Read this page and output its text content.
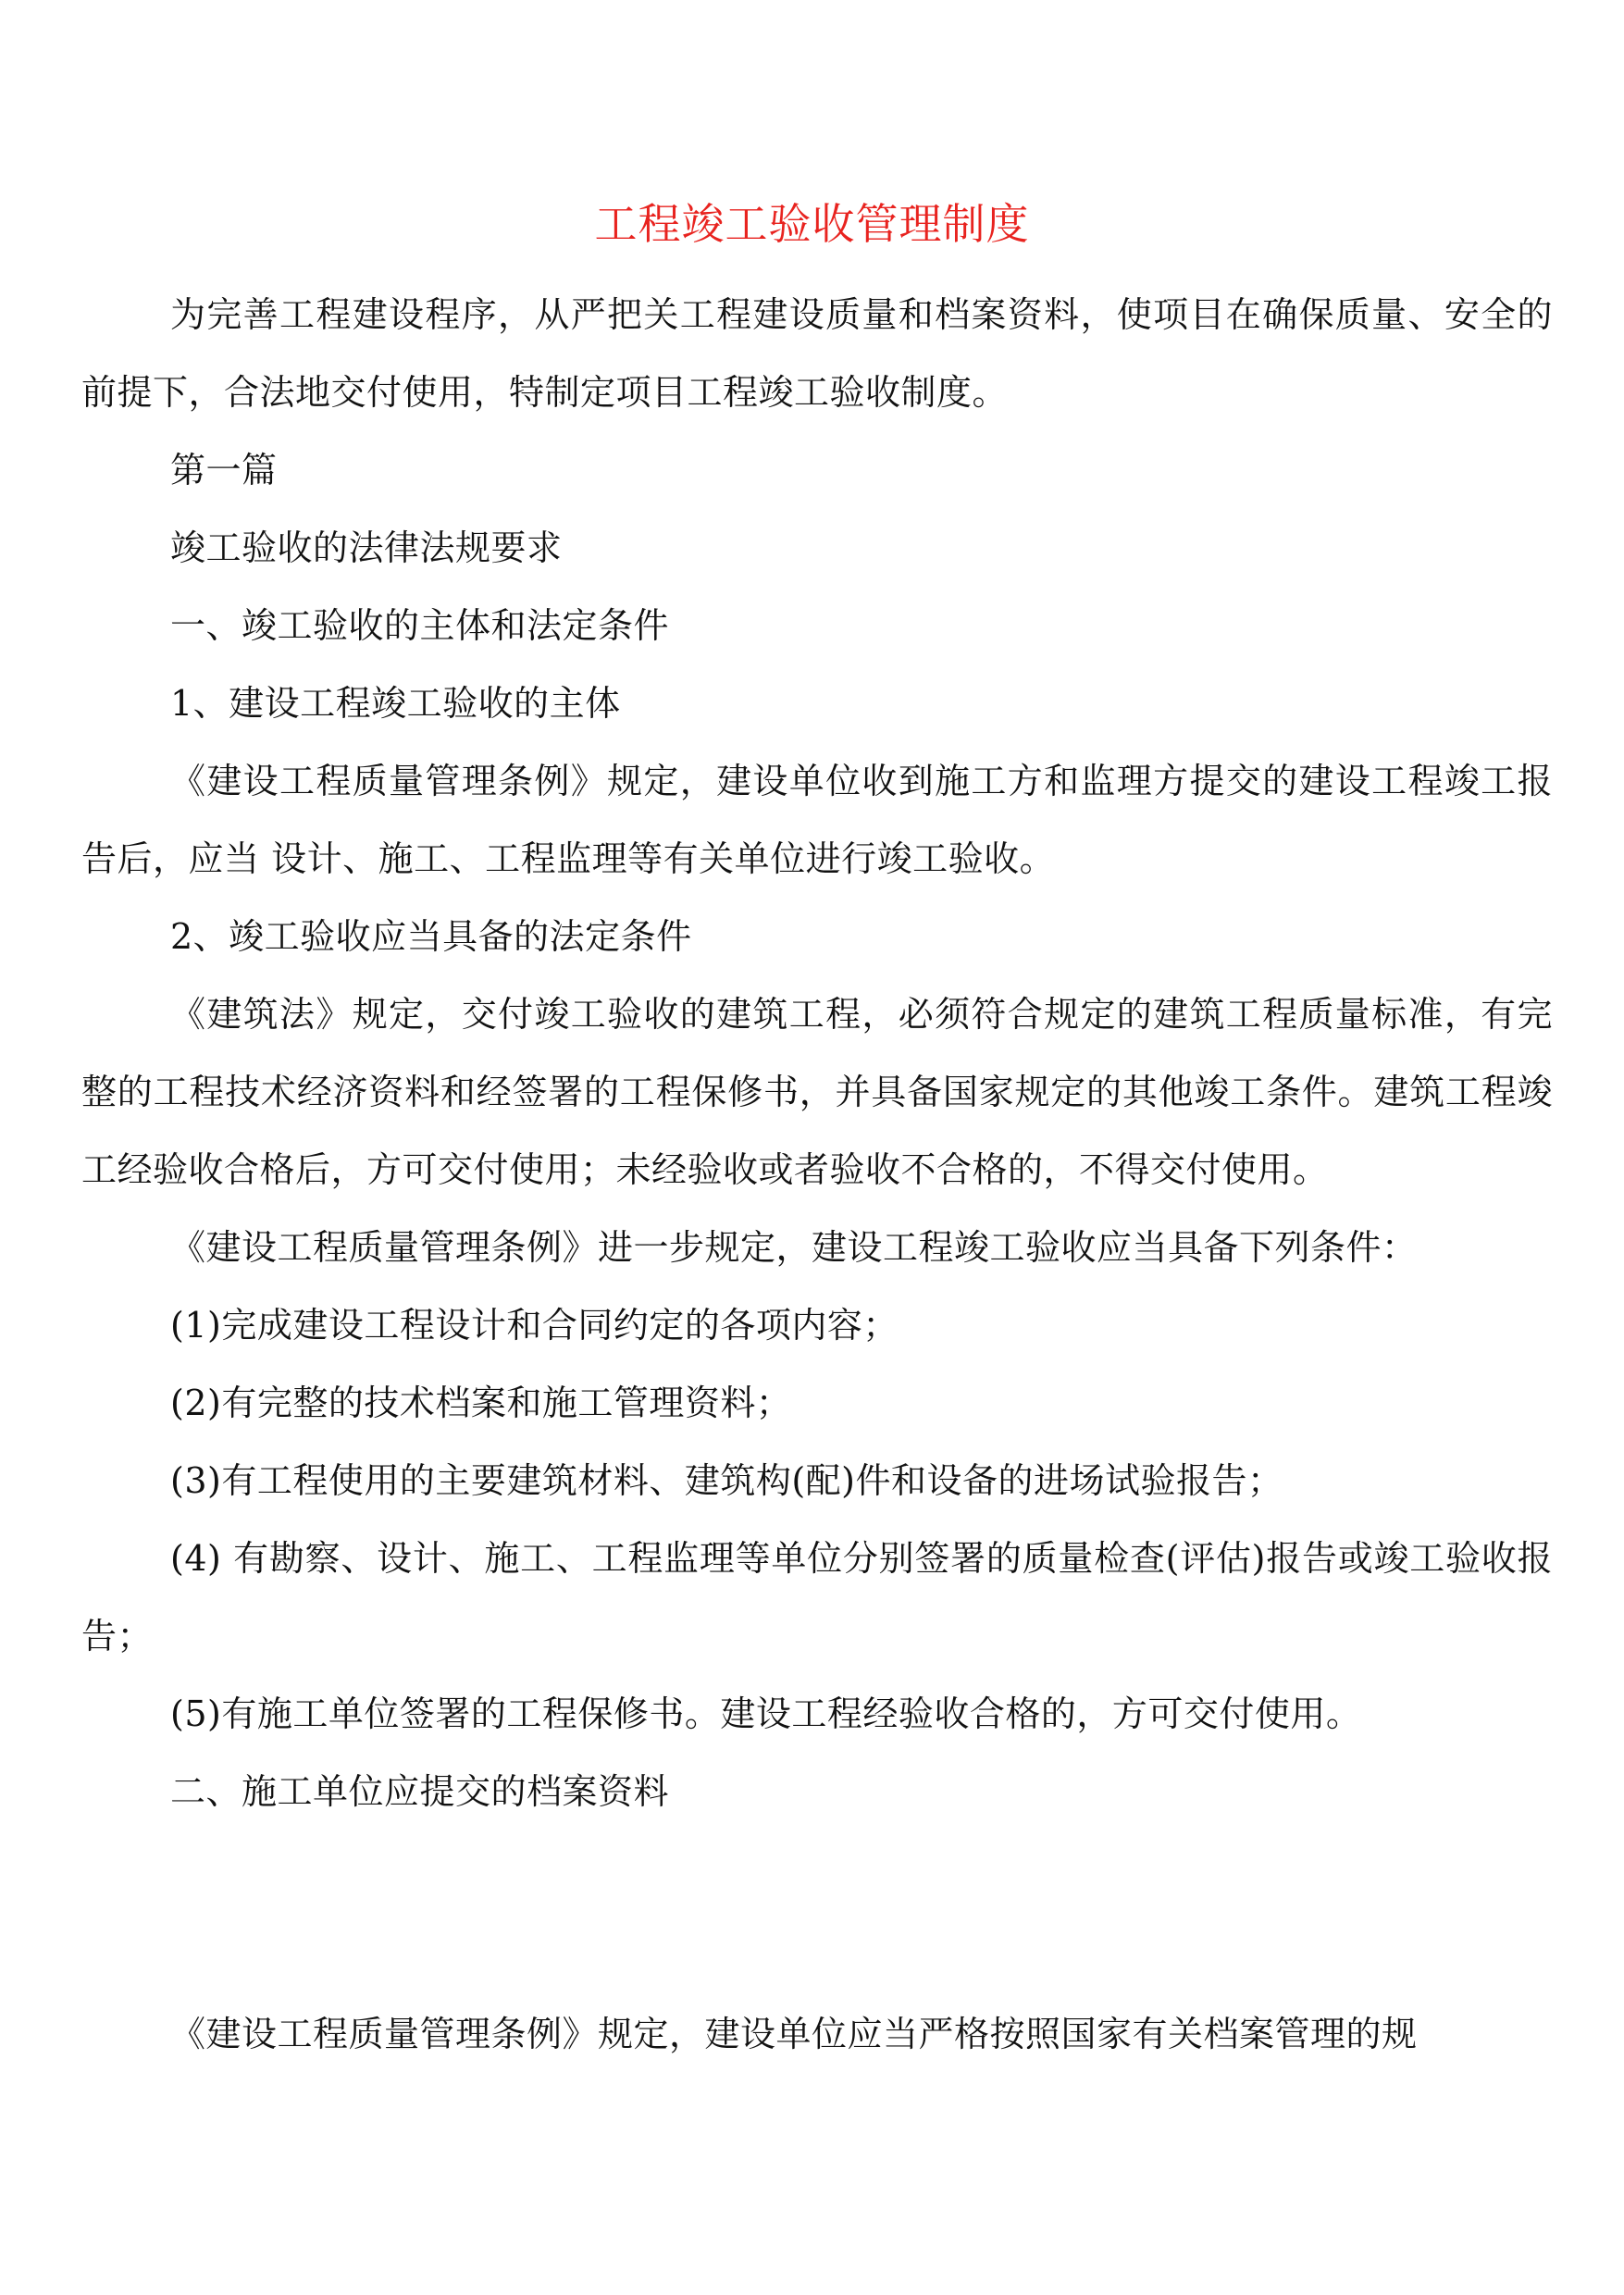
工程竣工验收管理制度

为完善工程建设程序，从严把关工程建设质量和档案资料，使项目在确保质量、安全的前提下，合法地交付使用，特制定项目工程竣工验收制度。

第一篇

竣工验收的法律法规要求

一、竣工验收的主体和法定条件

1、建设工程竣工验收的主体

《建设工程质量管理条例》规定，建设单位收到施工方和监理方提交的建设工程竣工报告后，应当 设计、施工、工程监理等有关单位进行竣工验收。

2、竣工验收应当具备的法定条件

《建筑法》规定，交付竣工验收的建筑工程，必须符合规定的建筑工程质量标准，有完整的工程技术经济资料和经签署的工程保修书，并具备国家规定的其他竣工条件。建筑工程竣工经验收合格后，方可交付使用；未经验收或者验收不合格的，不得交付使用。

《建设工程质量管理条例》进一步规定，建设工程竣工验收应当具备下列条件：

(1)完成建设工程设计和合同约定的各项内容；

(2)有完整的技术档案和施工管理资料；

(3)有工程使用的主要建筑材料、建筑构(配)件和设备的进场试验报告；

(4) 有勘察、设计、施工、工程监理等单位分别签署的质量检查(评估)报告或竣工验收报告；

(5)有施工单位签署的工程保修书。建设工程经验收合格的，方可交付使用。

二、施工单位应提交的档案资料

《建设工程质量管理条例》规定，建设单位应当严格按照国家有关档案管理的规
